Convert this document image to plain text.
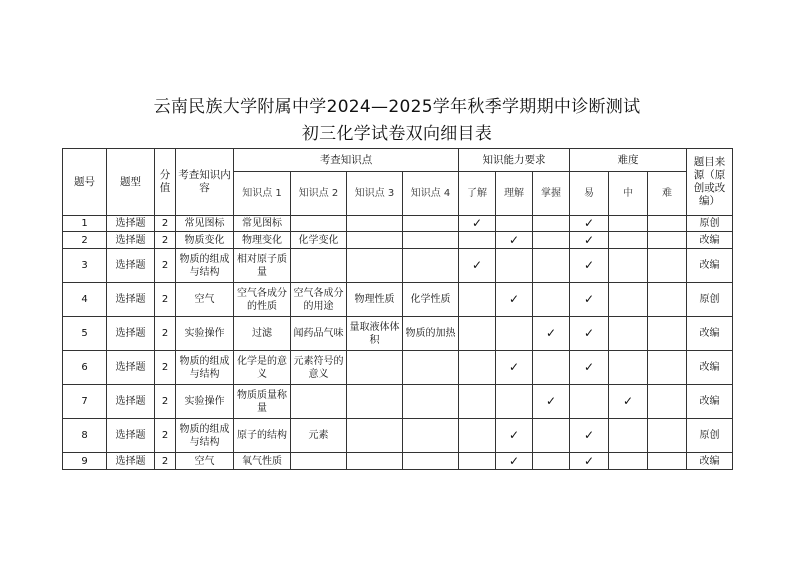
云南民族大学附属中学2024—2025学年秋季学期期中诊断测试
初三化学试卷双向细目表
题号	题型	分值	考查知识内容	考查知识点				知识能力要求			难度			题目来源（原创或改编）
				知识点 1	知识点 2	知识点 3	知识点 4	了解	理解	掌握	易	中	难	
1	选择题	2	常见图标	常见图标				✓			✓			原创
2	选择题	2	物质变化	物理变化	化学变化				✓		✓			改编
3	选择题	2	物质的组成与结构	相对原子质量				✓			✓			改编
4	选择题	2	空气	空气各成分的性质	空气各成分的用途	物理性质	化学性质		✓		✓			原创
5	选择题	2	实验操作	过滤	闻药品气味	量取液体体积	物质的加热			✓	✓			改编
6	选择题	2	物质的组成与结构	化学是的意义	元素符号的意义				✓		✓			改编
7	选择题	2	实验操作	物质质量称量						✓		✓		改编
8	选择题	2	物质的组成与结构	原子的结构	元素				✓		✓			原创
9	选择题	2	空气	氧气性质					✓		✓			改编
